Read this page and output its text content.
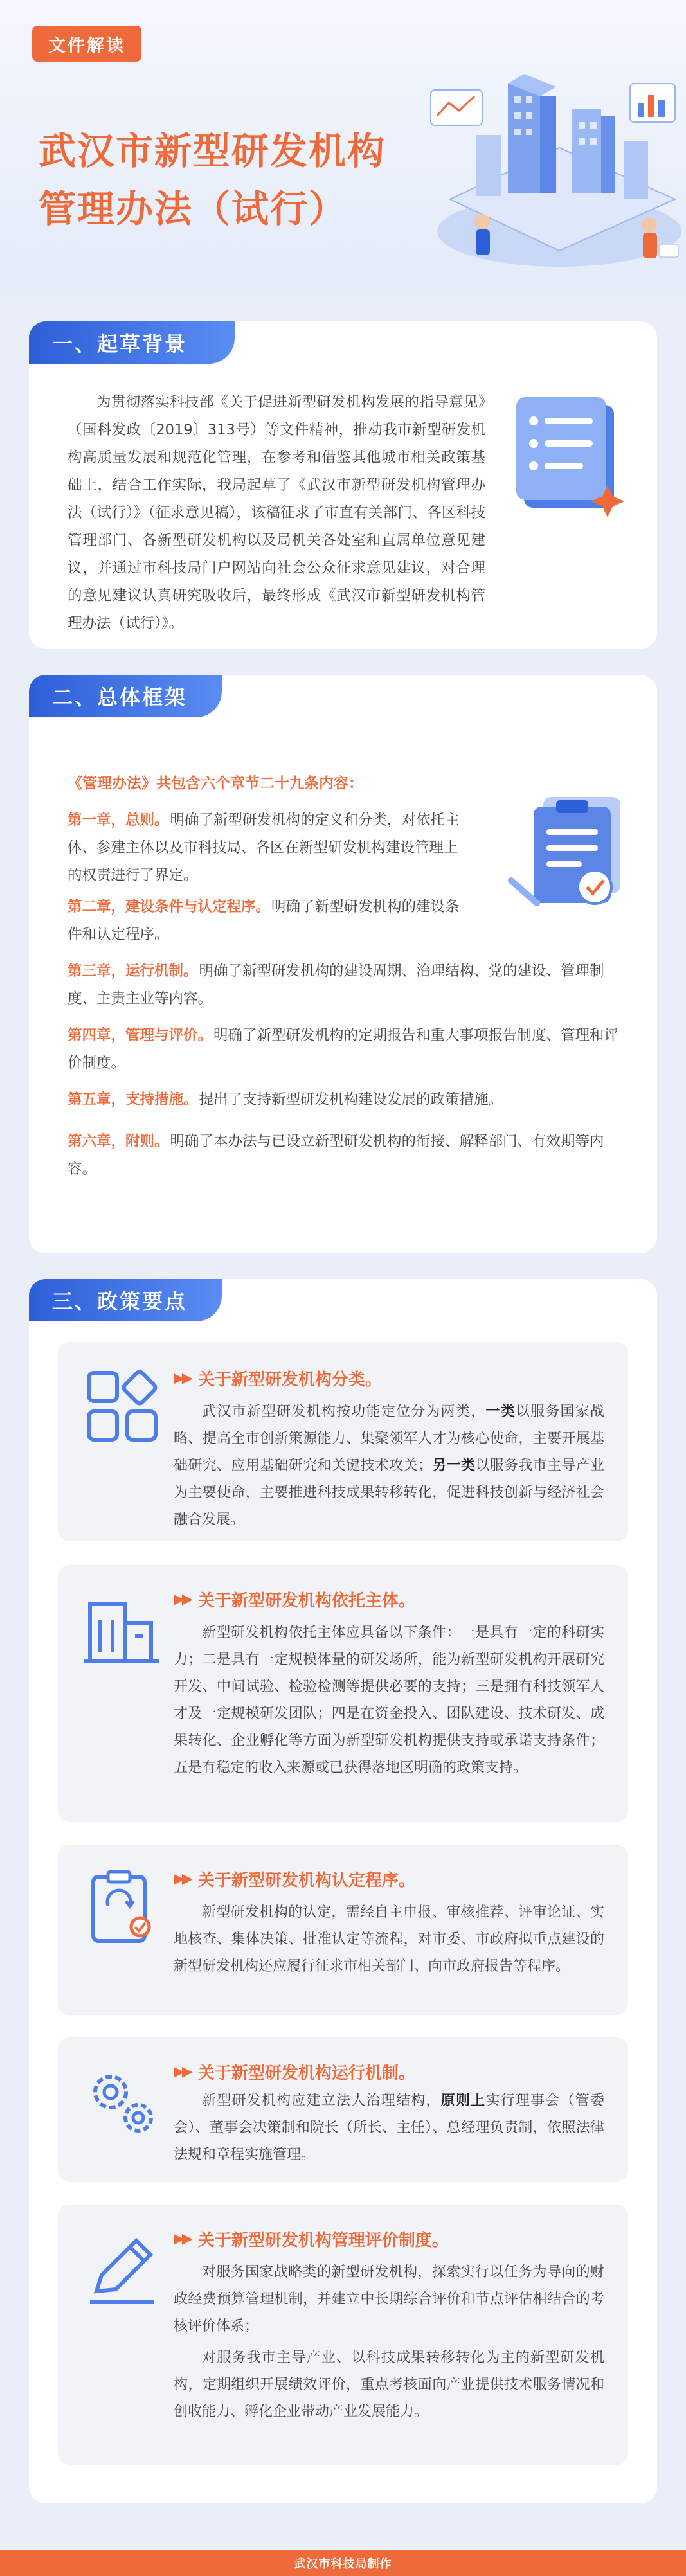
文件解读
武汉市新型研发机构
管理办法（试行）
一、起草背景
为贯彻落实科技部《关于促进新型研发机构发展的指导意见》（国科发政〔2019〕313号）等文件精神，推动我市新型研发机构高质量发展和规范化管理，在参考和借鉴其他城市相关政策基础上，结合工作实际，我局起草了《武汉市新型研发机构管理办法（试行）》（征求意见稿），该稿征求了市直有关部门、各区科技管理部门、各新型研发机构以及局机关各处室和直属单位意见建议，并通过市科技局门户网站向社会公众征求意见建议，对合理的意见建议认真研究吸收后，最终形成《武汉市新型研发机构管理办法（试行）》。
二、总体框架
《管理办法》共包含六个章节二十九条内容：
第一章，总则。明确了新型研发机构的定义和分类，对依托主体、参建主体以及市科技局、各区在新型研发机构建设管理上的权责进行了界定。
第二章，建设条件与认定程序。明确了新型研发机构的建设条件和认定程序。
第三章，运行机制。明确了新型研发机构的建设周期、治理结构、党的建设、管理制度、主责主业等内容。
第四章，管理与评价。明确了新型研发机构的定期报告和重大事项报告制度、管理和评价制度。
第五章，支持措施。提出了支持新型研发机构建设发展的政策措施。
第六章，附则。明确了本办法与已设立新型研发机构的衔接、解释部门、有效期等内容。
三、政策要点
▶▶ 关于新型研发机构分类。
武汉市新型研发机构按功能定位分为两类，一类以服务国家战略、提高全市创新策源能力、集聚领军人才为核心使命，主要开展基础研究、应用基础研究和关键技术攻关；另一类以服务我市主导产业为主要使命，主要推进科技成果转移转化，促进科技创新与经济社会融合发展。
▶▶ 关于新型研发机构依托主体。
新型研发机构依托主体应具备以下条件：一是具有一定的科研实力；二是具有一定规模体量的研发场所，能为新型研发机构开展研究开发、中间试验、检验检测等提供必要的支持；三是拥有科技领军人才及一定规模研发团队；四是在资金投入、团队建设、技术研发、成果转化、企业孵化等方面为新型研发机构提供支持或承诺支持条件；五是有稳定的收入来源或已获得落地区明确的政策支持。
▶▶ 关于新型研发机构认定程序。
新型研发机构的认定，需经自主申报、审核推荐、评审论证、实地核查、集体决策、批准认定等流程，对市委、市政府拟重点建设的新型研发机构还应履行征求市相关部门、向市政府报告等程序。
▶▶ 关于新型研发机构运行机制。
新型研发机构应建立法人治理结构，原则上实行理事会（管委会）、董事会决策制和院长（所长、主任）、总经理负责制，依照法律法规和章程实施管理。
▶▶ 关于新型研发机构管理评价制度。
对服务国家战略类的新型研发机构，探索实行以任务为导向的财政经费预算管理机制，并建立中长期综合评价和节点评估相结合的考核评价体系；
对服务我市主导产业、以科技成果转移转化为主的新型研发机构，定期组织开展绩效评价，重点考核面向产业提供技术服务情况和创收能力、孵化企业带动产业发展能力。
武汉市科技局制作
